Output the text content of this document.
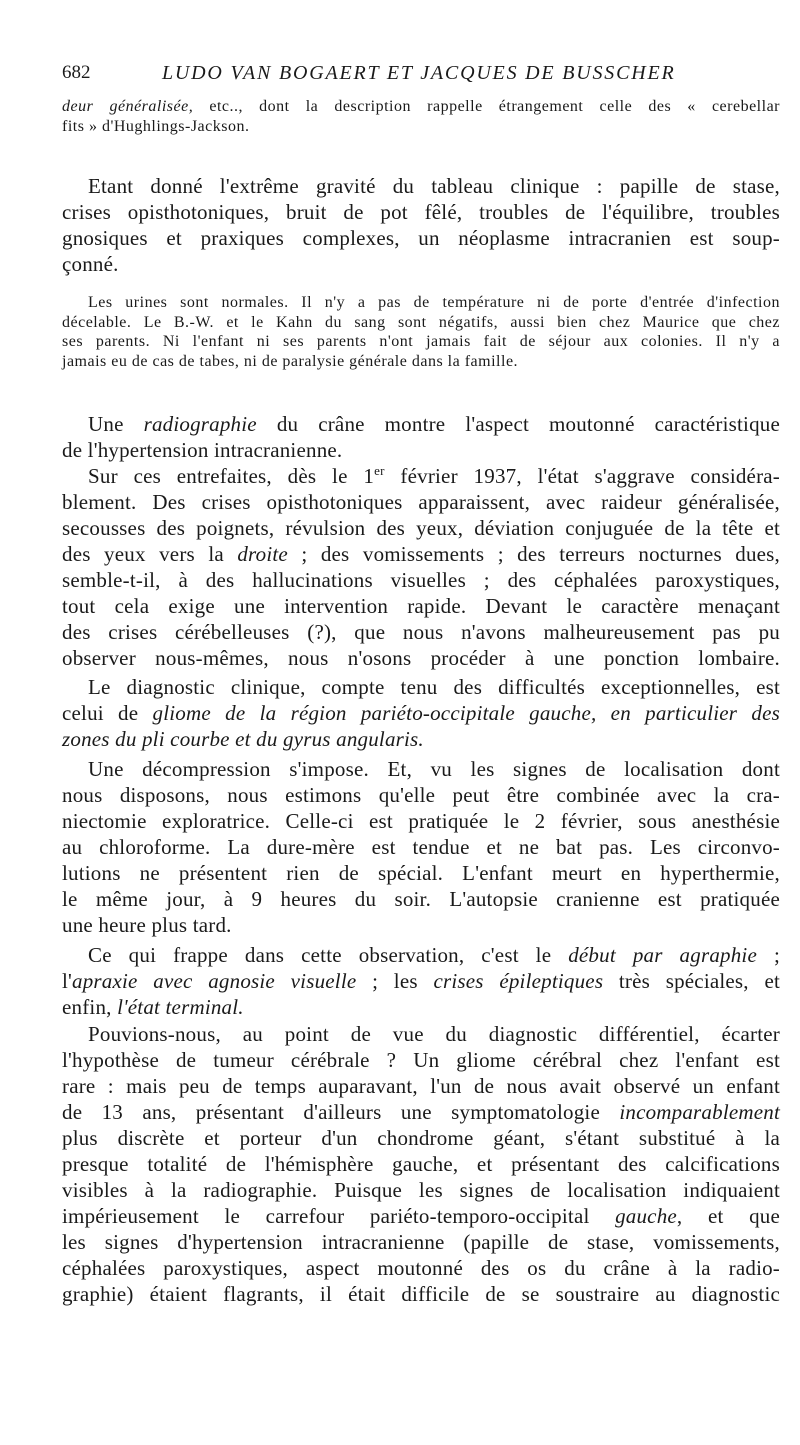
682	LUDO VAN BOGAERT ET JACQUES DE BUSSCHER
deur généralisée, etc.., dont la description rappelle étrangement celle des « cerebellar
fits » d'Hughlings-Jackson.
Etant donné l'extrême gravité du tableau clinique : papille de stase,
crises opisthotoniques, bruit de pot fêlé, troubles de l'équilibre, troubles
gnosiques et praxiques complexes, un néoplasme intracranien est soup-
çonné.
Les urines sont normales. Il n'y a pas de température ni de porte d'entrée d'infection
décelable. Le B.-W. et le Kahn du sang sont négatifs, aussi bien chez Maurice que chez
ses parents. Ni l'enfant ni ses parents n'ont jamais fait de séjour aux colonies. Il n'y a
jamais eu de cas de tabes, ni de paralysie générale dans la famille.
Une radiographie du crâne montre l'aspect moutonné caractéristique
de l'hypertension intracranienne.
Sur ces entrefaites, dès le 1er février 1937, l'état s'aggrave considéra-
blement. Des crises opisthotoniques apparaissent, avec raideur généralisée,
secousses des poignets, révulsion des yeux, déviation conjuguée de la tête et
des yeux vers la droite ; des vomissements ; des terreurs nocturnes dues,
semble-t-il, à des hallucinations visuelles ; des céphalées paroxystiques,
tout cela exige une intervention rapide. Devant le caractère menaçant
des crises cérébelleuses (?), que nous n'avons malheureusement pas pu
observer nous-mêmes, nous n'osons procéder à une ponction lombaire.
Le diagnostic clinique, compte tenu des difficultés exceptionnelles, est
celui de gliome de la région pariéto-occipitale gauche, en particulier des
zones du pli courbe et du gyrus angularis.
Une décompression s'impose. Et, vu les signes de localisation dont
nous disposons, nous estimons qu'elle peut être combinée avec la cra-
niectomie exploratrice. Celle-ci est pratiquée le 2 février, sous anesthésie
au chloroforme. La dure-mère est tendue et ne bat pas. Les circonvo-
lutions ne présentent rien de spécial. L'enfant meurt en hyperthermie,
le même jour, à 9 heures du soir. L'autopsie cranienne est pratiquée
une heure plus tard.
Ce qui frappe dans cette observation, c'est le début par agraphie ;
l'apraxie avec agnosie visuelle ; les crises épileptiques très spéciales, et
enfin, l'état terminal.
Pouvions-nous, au point de vue du diagnostic différentiel, écarter
l'hypothèse de tumeur cérébrale ? Un gliome cérébral chez l'enfant est
rare : mais peu de temps auparavant, l'un de nous avait observé un enfant
de 13 ans, présentant d'ailleurs une symptomatologie incomparablement
plus discrète et porteur d'un chondrome géant, s'étant substitué à la
presque totalité de l'hémisphère gauche, et présentant des calcifications
visibles à la radiographie. Puisque les signes de localisation indiquaient
impérieusement le carrefour pariéto-temporo-occipital gauche, et que
les signes d'hypertension intracranienne (papille de stase, vomissements,
céphalées paroxystiques, aspect moutonné des os du crâne à la radio-
graphie) étaient flagrants, il était difficile de se soustraire au diagnostic
